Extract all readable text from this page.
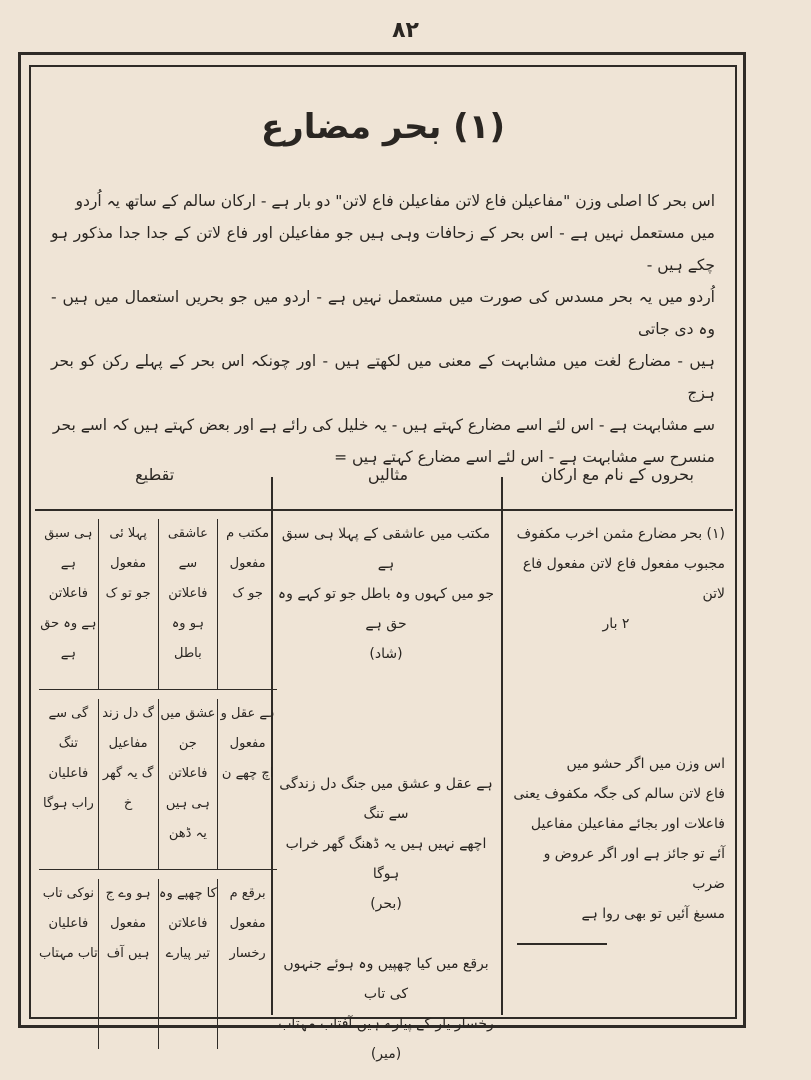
۸۲
(۱) بحر مضارع

اس بحر کا اصلی وزن "مفاعیلن فاع لاتن مفاعیلن فاع لاتن" دو بار ہے - ارکان سالم کے ساتھ یہ اُردو

میں مستعمل نہیں ہے - اس بحر کے زحافات وہی ہیں جو مفاعیلن اور فاع لاتن کے جدا جدا مذکور ہو چکے ہیں -

اُردو میں یہ بحر مسدس کی صورت میں مستعمل نہیں ہے - اردو میں جو بحریں استعمال میں ہیں - وہ دی جاتی

ہیں - مضارع لغت میں مشابہت کے معنی میں لکھتے ہیں - اور چونکہ اس بحر کے پہلے رکن کو بحر ہزج

سے مشابہت ہے - اس لئے اسے مضارع کہتے ہیں - یہ خلیل کی رائے ہے اور بعض کہتے ہیں کہ اسے بحر

منسرح سے مشابہت ہے - اس لئے اسے مضارع کہتے ہیں =

بحروں کے نام مع ارکان
مثالیں
تقطیع

(۱) بحر مضارع مثمن اخرب مکفوف

مجبوب مفعول فاع لاتن مفعول فاع لاتن

۲ بار

اس وزن میں اگر حشو میں

فاع لاتن سالم کی جگہ مکفوف یعنی

فاعلات اور بجائے مفاعیلن مفاعیل

آئے تو جائز ہے اور اگر عروض و ضرب

مسبغ آئیں تو بھی روا ہے

مکتب میں عاشقی کے پہلا ہی سبق ہے

جو میں کہوں وہ باطل جو تو کہے وہ حق ہے

(شاد)

ہے عقل و عشق میں جنگ دل زندگی سے تنگ

اچھے نہیں ہیں یہ ڈھنگ گھر خراب ہوگا

(بحر)

برقع میں کیا چھپیں وہ ہوئے جنہوں کی تاب

رخسار یار کے پیارے ہیں آفتاب مہتاب

(میر)

مکتب م
مفعول
جو ک
عاشقی سے
فاعلاتن
ہو وہ باطل
پہلا ئی
مفعول
جو تو ک
ہی سبق ہے
فاعلاتن
ہے وہ حق ہے
ہے عقل و
مفعول
اچ چھے ن
عشق میں جن
فاعلاتن
ہی ہیں یہ ڈھن
گ دل زند
مفاعیل
گ یہ گھر خ
گی سے تنگ
فاعلیان
راب ہوگا
برقع م
مفعول
رخسار
کا چھپے وہ
فاعلاتن
تیر پیارے
ہو وے ج
مفعول
ہیں آف
نوکی تاب
فاعلیان
تاب مہتاب
